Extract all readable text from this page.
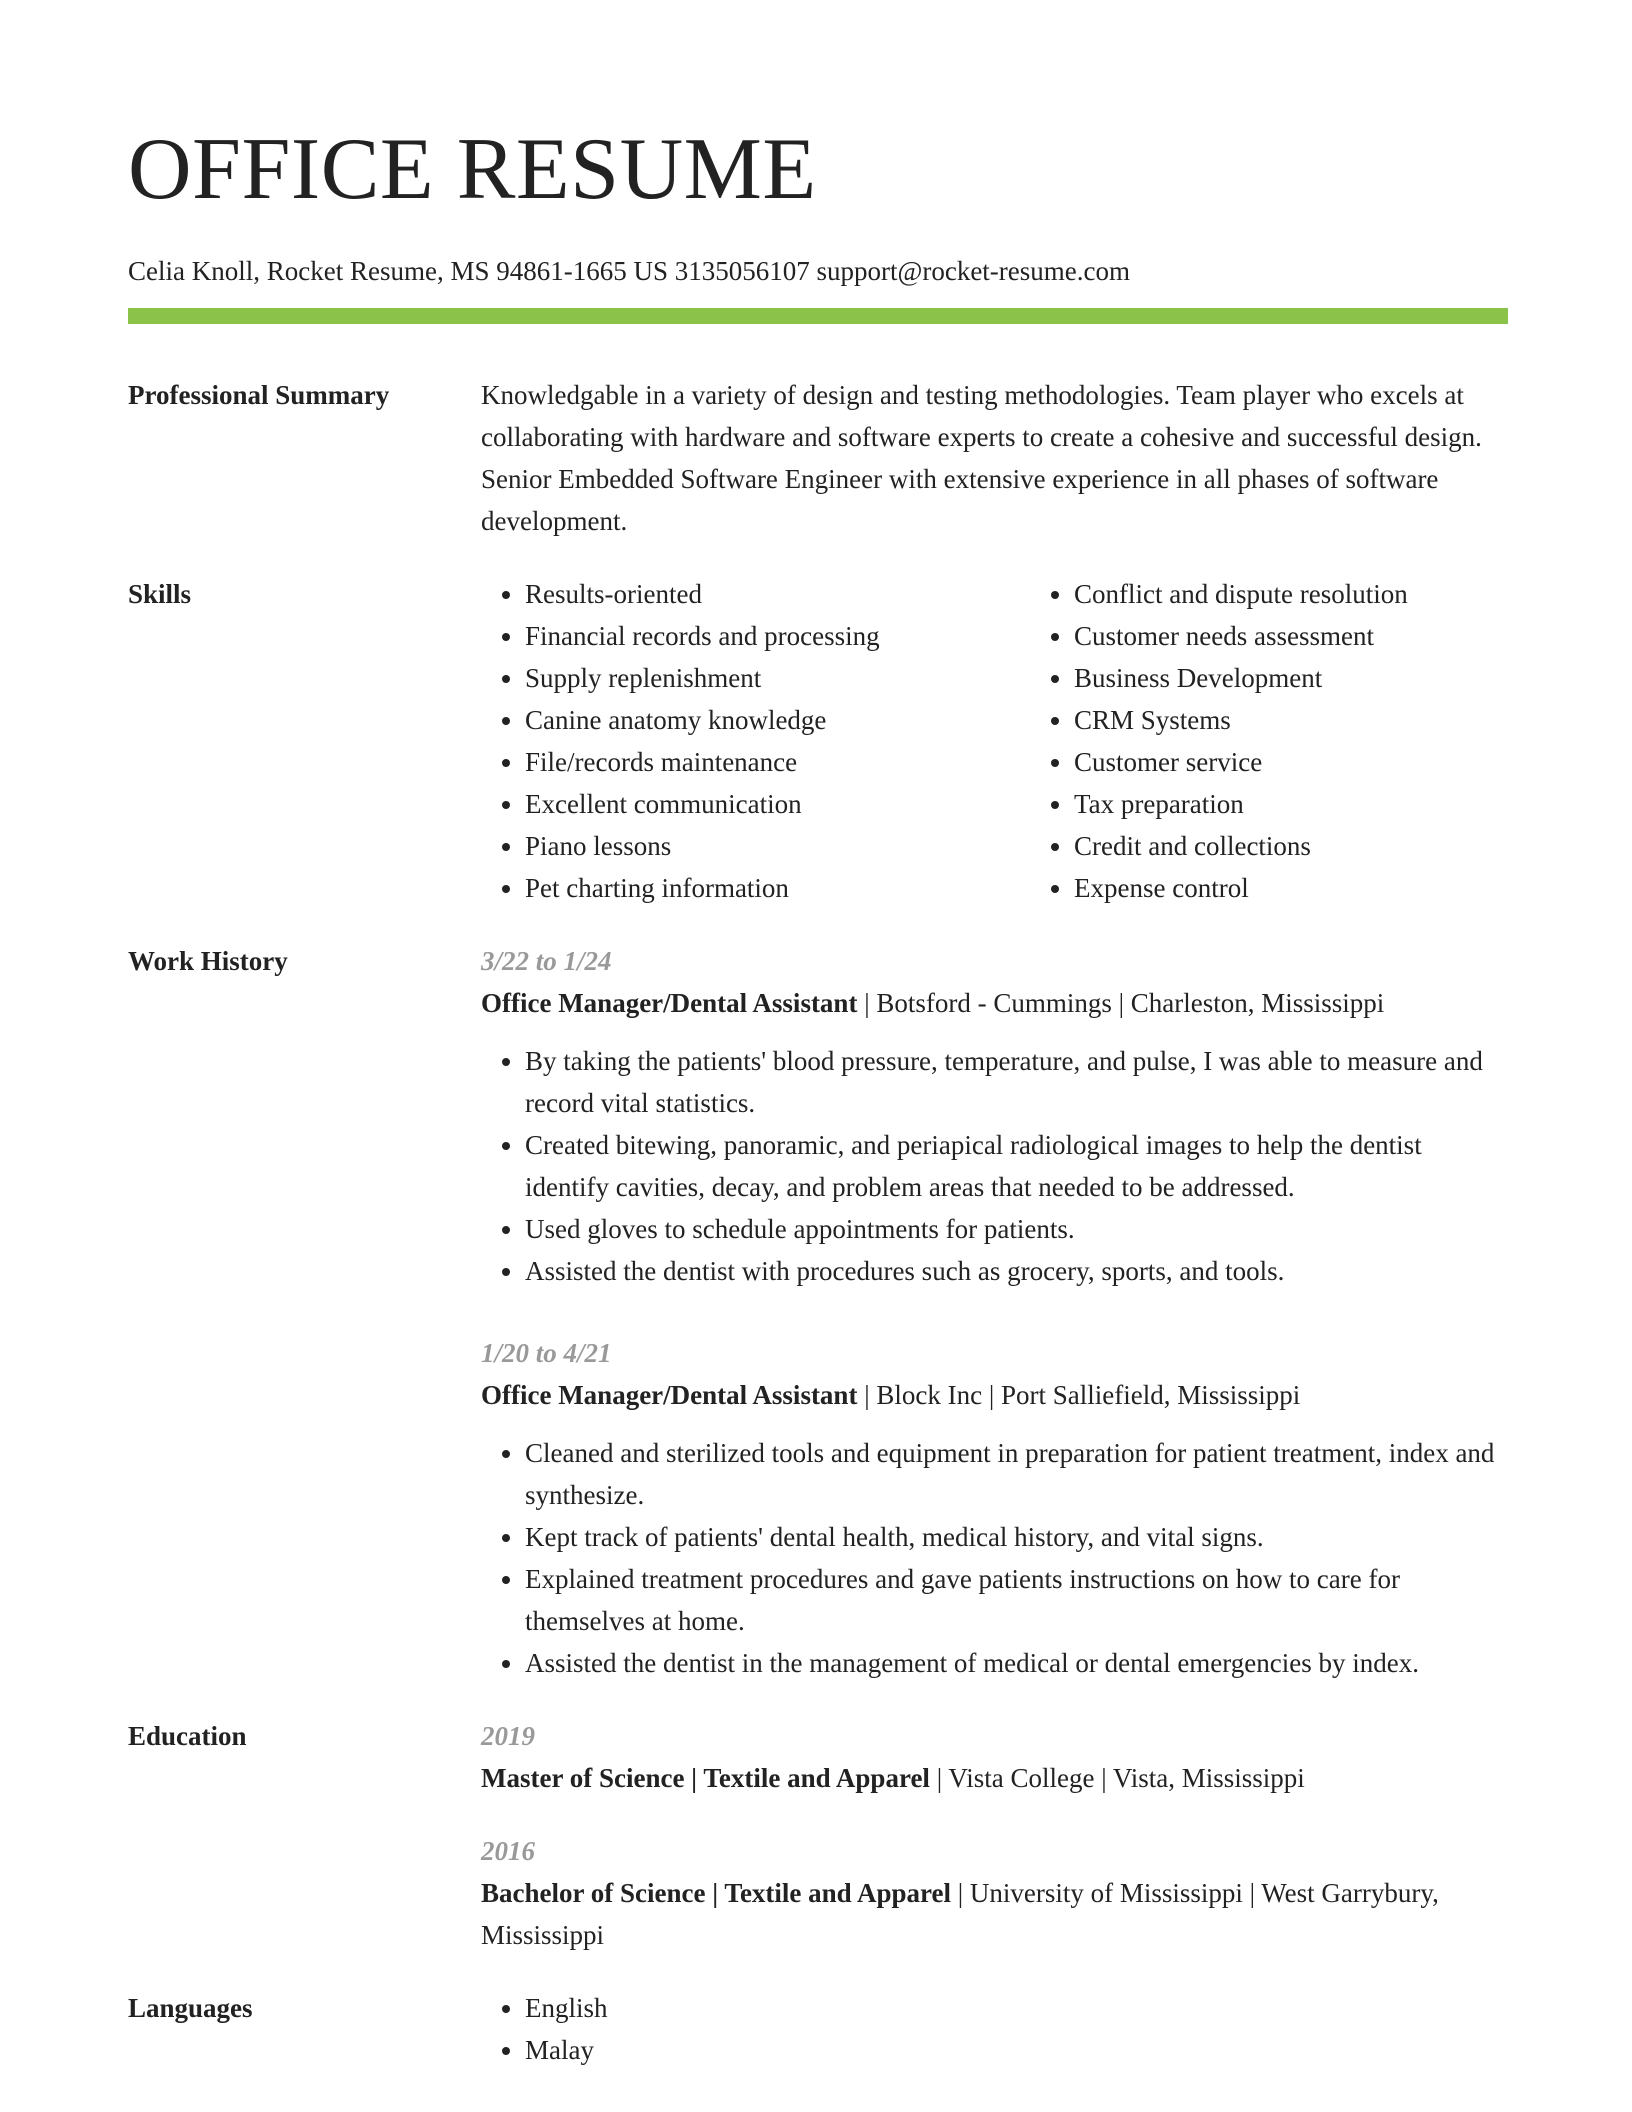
OFFICE RESUME
Celia Knoll, Rocket Resume, MS 94861-1665 US 3135056107 support@rocket-resume.com
Professional Summary	Knowledgable in a variety of design and testing methodologies. Team player who excels at collaborating with hardware and software experts to create a cohesive and successful design. Senior Embedded Software Engineer with extensive experience in all phases of software development.

Skills	• Results-oriented
• Financial records and processing
• Supply replenishment
• Canine anatomy knowledge
• File/records maintenance
• Excellent communication
• Piano lessons
• Pet charting information
• Conflict and dispute resolution
• Customer needs assessment
• Business Development
• CRM Systems
• Customer service
• Tax preparation
• Credit and collections
• Expense control
Work History	3/22 to 1/24
Office Manager/Dental Assistant | Botsford - Cummings | Charleston, Mississippi
• By taking the patients' blood pressure, temperature, and pulse, I was able to measure and record vital statistics.
• Created bitewing, panoramic, and periapical radiological images to help the dentist identify cavities, decay, and problem areas that needed to be addressed.
• Used gloves to schedule appointments for patients.
• Assisted the dentist with procedures such as grocery, sports, and tools.
1/20 to 4/21
Office Manager/Dental Assistant | Block Inc | Port Salliefield, Mississippi
• Cleaned and sterilized tools and equipment in preparation for patient treatment, index and synthesize.
• Kept track of patients' dental health, medical history, and vital signs.
• Explained treatment procedures and gave patients instructions on how to care for themselves at home.
• Assisted the dentist in the management of medical or dental emergencies by index.
Education	2019
Master of Science | Textile and Apparel | Vista College | Vista, Mississippi
2016
Bachelor of Science | Textile and Apparel | University of Mississippi | West Garrybury, Mississippi
Languages	• English
• Malay
